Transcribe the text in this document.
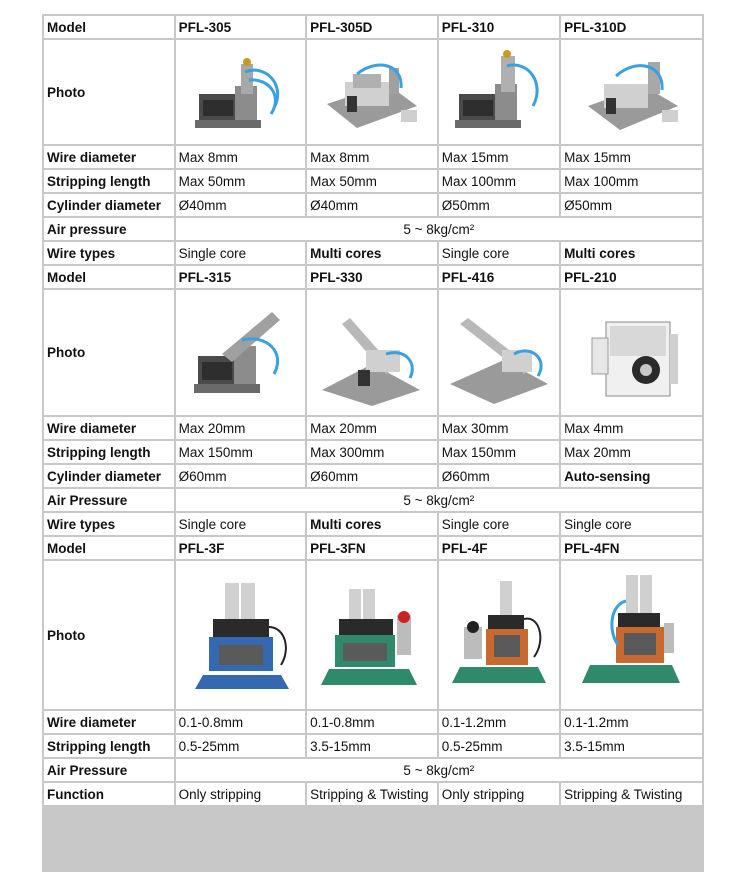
Model	PFL-305	PFL-305D	PFL-310	PFL-310D
Photo	

Wire diameter	Max 8mm	Max 8mm	Max 15mm	Max 15mm
Stripping length	Max 50mm	Max 50mm	Max 100mm	Max 100mm
Cylinder diameter	Ø40mm	Ø40mm	Ø50mm	Ø50mm
Air pressure	5 ~ 8kg/cm²			
Wire types	Single core	Multi cores	Single core	Multi cores
Model	PFL-315	PFL-330	PFL-416	PFL-210
Photo	

Wire diameter	Max 20mm	Max 20mm	Max 30mm	Max 4mm
Stripping length	Max 150mm	Max 300mm	Max 150mm	Max 20mm
Cylinder diameter	Ø60mm	Ø60mm	Ø60mm	Auto-sensing
Air Pressure	5 ~ 8kg/cm²			
Wire types	Single core	Multi cores	Single core	Single core
Model	PFL-3F	PFL-3FN	PFL-4F	PFL-4FN
Photo	

Wire diameter	0.1-0.8mm	0.1-0.8mm	0.1-1.2mm	0.1-1.2mm
Stripping length	0.5-25mm	3.5-15mm	0.5-25mm	3.5-15mm
Air Pressure	5 ~ 8kg/cm²			
Function	Only stripping	Stripping & Twisting	Only stripping	Stripping & Twisting
